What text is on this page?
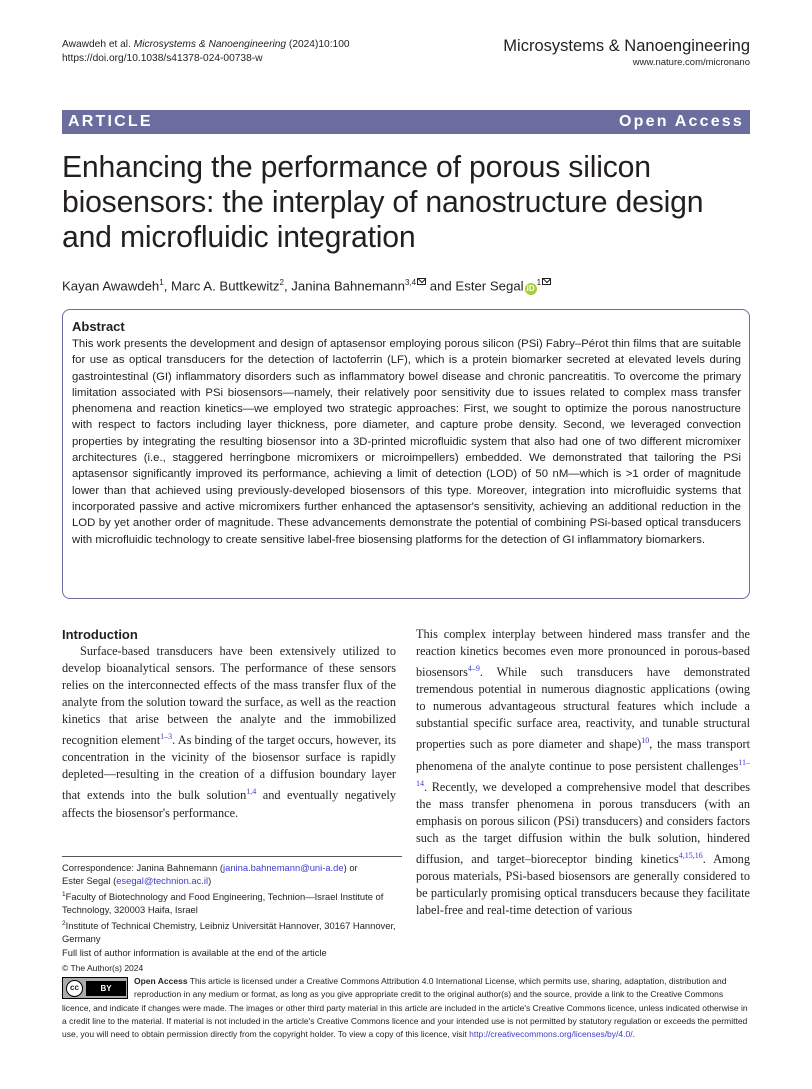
Awawdeh et al. Microsystems & Nanoengineering (2024)10:100
https://doi.org/10.1038/s41378-024-00738-w
Microsystems & Nanoengineering
www.nature.com/micronano
ARTICLE	Open Access
Enhancing the performance of porous silicon biosensors: the interplay of nanostructure design and microfluidic integration
Kayan Awawdeh$^1$, Marc A. Buttkewitz$^2$, Janina Bahnemann$^{3,4}$ and Ester Segal $iD^1$
Abstract

This work presents the development and design of aptasensor employing porous silicon (PSi) Fabry–Pérot thin films that are suitable for use as optical transducers for the detection of lactoferrin (LF), which is a protein biomarker secreted at elevated levels during gastrointestinal (GI) inflammatory disorders such as inflammatory bowel disease and chronic pancreatitis. To overcome the primary limitation associated with PSi biosensors—namely, their relatively poor sensitivity due to issues related to complex mass transfer phenomena and reaction kinetics—we employed two strategic approaches: First, we sought to optimize the porous nanostructure with respect to factors including layer thickness, pore diameter, and capture probe density. Second, we leveraged convection properties by integrating the resulting biosensor into a 3D-printed microfluidic system that also had one of two different micromixer architectures (i.e., staggered herringbone micromixers or microimpellers) embedded. We demonstrated that tailoring the PSi aptasensor significantly improved its performance, achieving a limit of detection (LOD) of 50 nM—which is >1 order of magnitude lower than that achieved using previously-developed biosensors of this type. Moreover, integration into microfluidic systems that incorporated passive and active micromixers further enhanced the aptasensor's sensitivity, achieving an additional reduction in the LOD by yet another order of magnitude. These advancements demonstrate the potential of combining PSi-based optical transducers with microfluidic technology to create sensitive label-free biosensing platforms for the detection of GI inflammatory biomarkers.

Introduction

Surface-based transducers have been extensively utilized to develop bioanalytical sensors. The performance of these sensors relies on the interconnected effects of the mass transfer flux of the analyte from the solution toward the surface, as well as the reaction kinetics that arise between the analyte and the immobilized recognition element$^{1-3}$. As binding of the target occurs, however, its concentration in the vicinity of the biosensor surface is rapidly depleted—resulting in the creation of a diffusion boundary layer that extends into the bulk solution$^{1,4}$ and eventually negatively affects the biosensor's performance.

This complex interplay between hindered mass transfer and the reaction kinetics becomes even more pronounced in porous-based biosensors$^{4-9}$. While such transducers have demonstrated tremendous potential in numerous diagnostic applications (owing to numerous advantageous structural features which include a substantial specific surface area, reactivity, and tunable structural properties such as pore diameter and shape)$^{10}$, the mass transport phenomena of the analyte continue to pose persistent challenges$^{11-14}$. Recently, we developed a comprehensive model that describes the mass transfer phenomena in porous transducers (with an emphasis on porous silicon (PSi) transducers) and considers factors such as the target diffusion within the bulk solution, hindered diffusion, and target–bioreceptor binding kinetics$^{4,15,16}$. Among porous materials, PSi-based biosensors are generally considered to be particularly promising optical transducers because they facilitate label-free and real-time detection of various

Correspondence: Janina Bahnemann (janina.bahnemann@uni-a.de) or
Ester Segal (esegal@technion.ac.il)
$^1$Faculty of Biotechnology and Food Engineering, Technion—Israel Institute of Technology, 320003 Haifa, Israel
$^2$Institute of Technical Chemistry, Leibniz Universität Hannover, 30167 Hannover, Germany
Full list of author information is available at the end of the article
© The Author(s) 2024
cc	BY
Open Access This article is licensed under a Creative Commons Attribution 4.0 International License, which permits use, sharing, adaptation, distribution and reproduction in any medium or format, as long as you give appropriate credit to the original author(s) and the source, provide a link to the Creative Commons licence, and indicate if changes were made. The images or other third party material in this article are included in the article's Creative Commons licence, unless indicated otherwise in a credit line to the material. If material is not included in the article's Creative Commons licence and your intended use is not permitted by statutory regulation or exceeds the permitted use, you will need to obtain permission directly from the copyright holder. To view a copy of this licence, visit http://creativecommons.org/licenses/by/4.0/.
